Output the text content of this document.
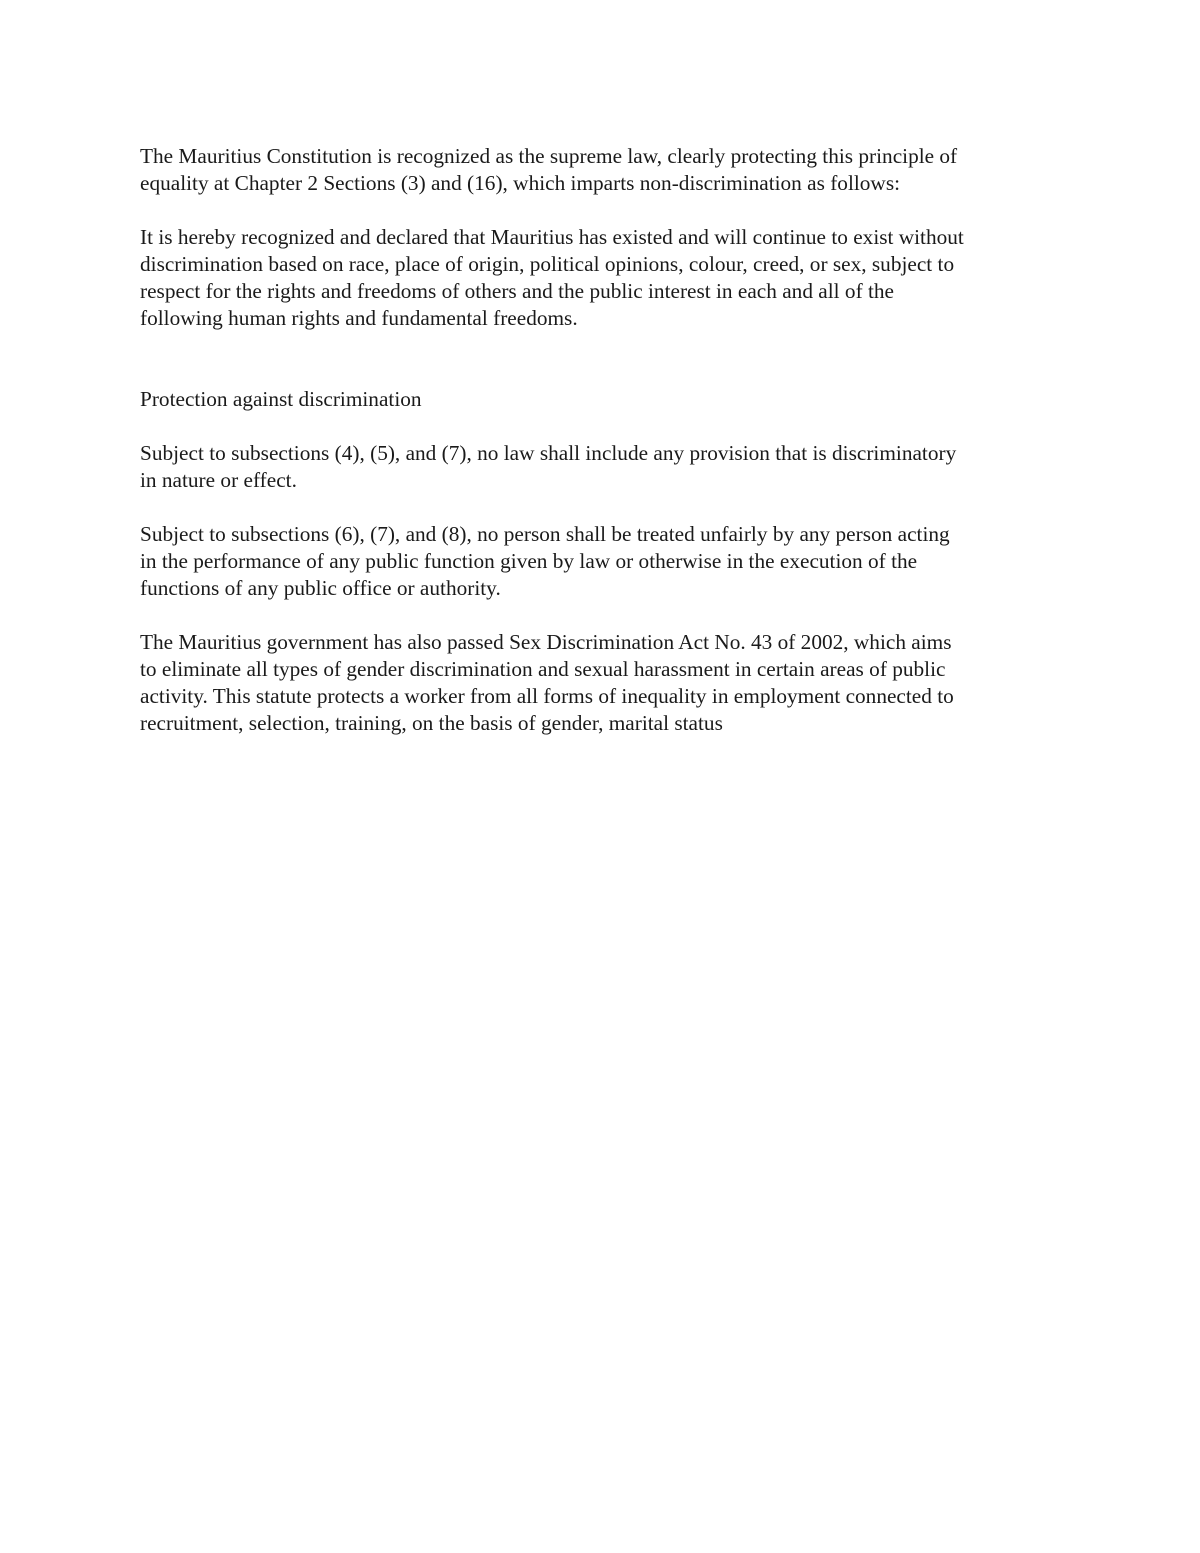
The Mauritius Constitution is recognized as the supreme law, clearly protecting this principle of
equality at Chapter 2 Sections (3) and (16), which imparts non-discrimination as follows:

It is hereby recognized and declared that Mauritius has existed and will continue to exist without
discrimination based on race, place of origin, political opinions, colour, creed, or sex, subject to
respect for the rights and freedoms of others and the public interest in each and all of the
following human rights and fundamental freedoms.

Protection against discrimination

Subject to subsections (4), (5), and (7), no law shall include any provision that is discriminatory
in nature or effect.

Subject to subsections (6), (7), and (8), no person shall be treated unfairly by any person acting
in the performance of any public function given by law or otherwise in the execution of the
functions of any public office or authority.

The Mauritius government has also passed Sex Discrimination Act No. 43 of 2002, which aims
to eliminate all types of gender discrimination and sexual harassment in certain areas of public
activity. This statute protects a worker from all forms of inequality in employment connected to
recruitment, selection, training, on the basis of gender, marital status
